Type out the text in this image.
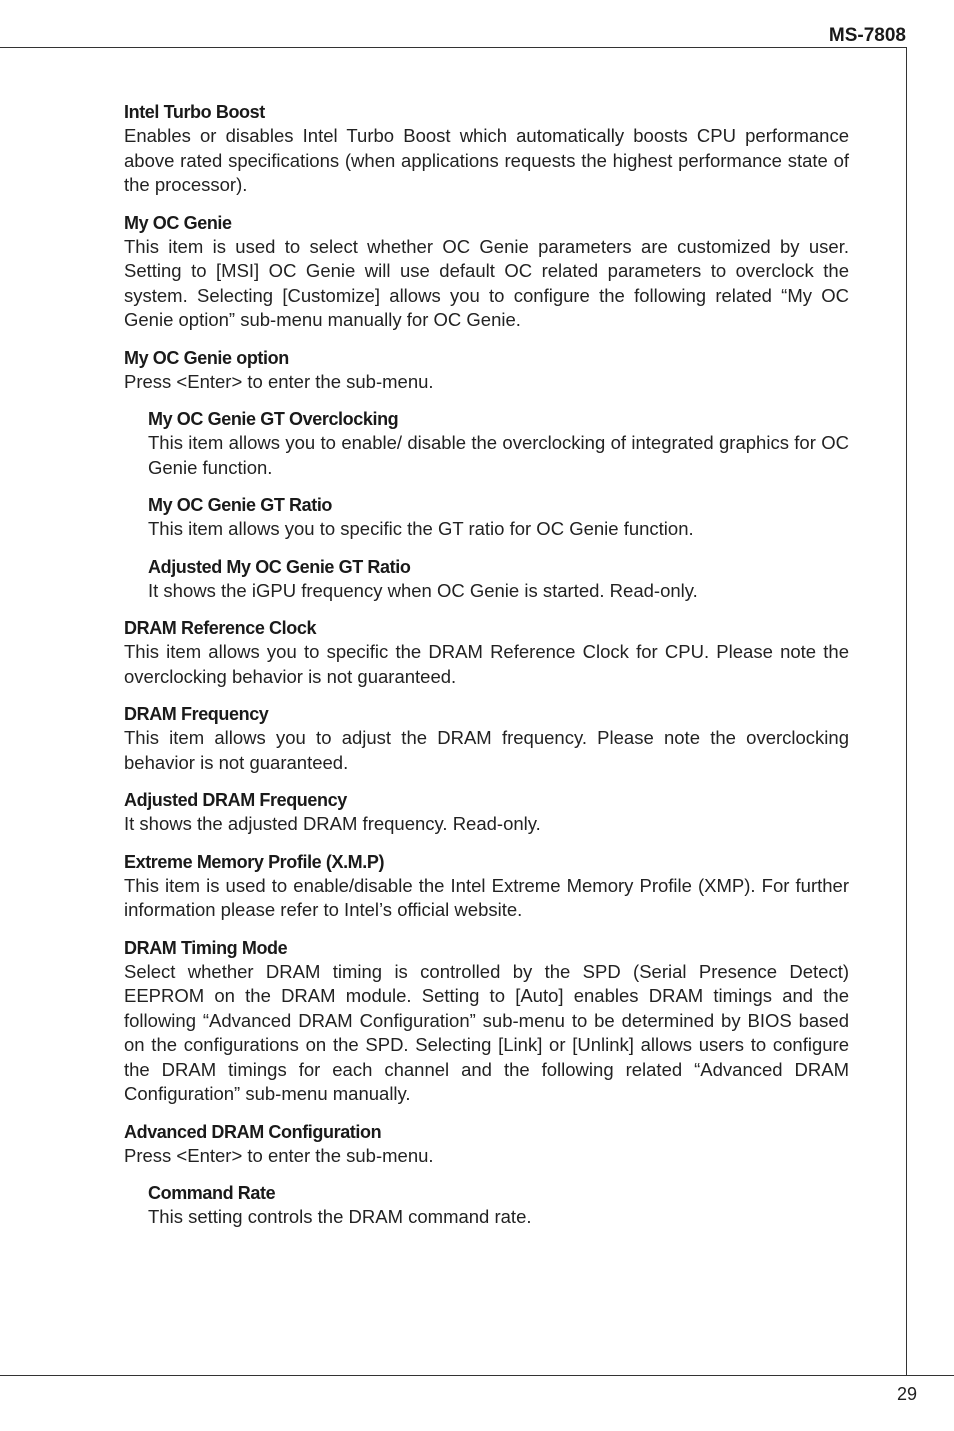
MS-7808
Intel Turbo Boost
Enables or disables Intel Turbo Boost which automatically boosts CPU performance above rated specifications (when applications requests the highest performance state of the processor).
My OC Genie
This item is used to select whether OC Genie parameters are customized by user. Setting to [MSI] OC Genie will use default OC related parameters to overclock the system. Selecting [Customize] allows you to configure the following related “My OC Genie option” sub-menu manually for OC Genie.
My OC Genie option
Press <Enter> to enter the sub-menu.
My OC Genie GT Overclocking
This item allows you to enable/ disable the overclocking of integrated graphics for OC Genie function.
My OC Genie GT Ratio
This item allows you to specific the GT ratio for OC Genie function.
Adjusted My OC Genie GT Ratio
It shows the iGPU frequency when OC Genie is started. Read-only.
DRAM Reference Clock
This item allows you to specific the DRAM Reference Clock for CPU. Please note the overclocking behavior is not guaranteed.
DRAM Frequency
This item allows you to adjust the DRAM frequency. Please note the overclocking behavior is not guaranteed.
Adjusted DRAM Frequency
It shows the adjusted DRAM frequency. Read-only.
Extreme Memory Profile (X.M.P)
This item is used to enable/disable the Intel Extreme Memory Profile (XMP). For further information please refer to Intel’s official website.
DRAM Timing Mode
Select whether DRAM timing is controlled by the SPD (Serial Presence Detect) EEPROM on the DRAM module. Setting to [Auto] enables DRAM timings and the following “Advanced DRAM Configuration” sub-menu to be determined by BIOS based on the configurations on the SPD. Selecting [Link] or [Unlink] allows users to configure the DRAM timings for each channel and the following related “Advanced DRAM Configuration” sub-menu manually.
Advanced DRAM Configuration
Press <Enter> to enter the sub-menu.
Command Rate
This setting controls the DRAM command rate.
29
